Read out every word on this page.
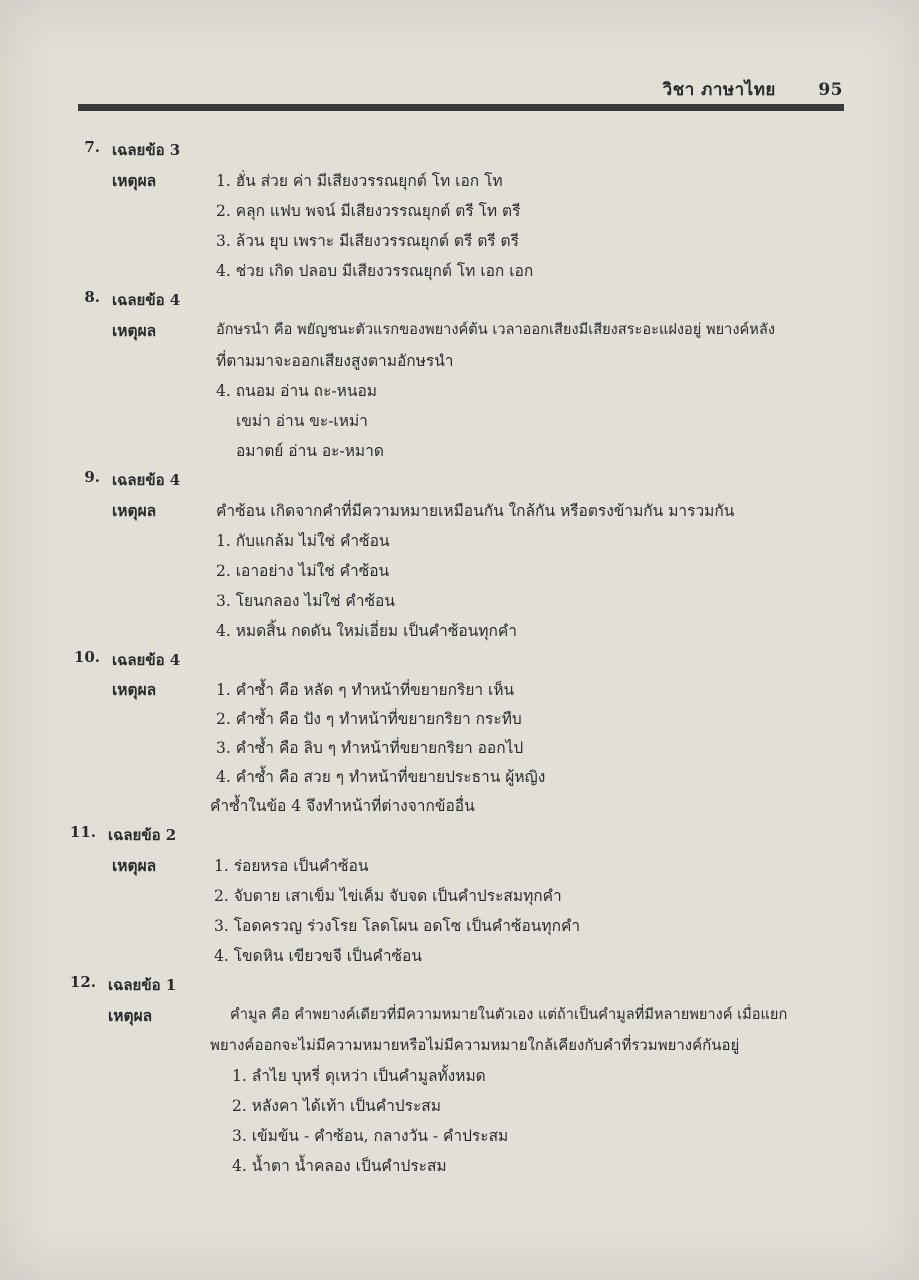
วิชา ภาษาไทย 95
7. เฉลยข้อ 3
เหตุผล	1. ฮั่น ส่วย ค่า มีเสียงวรรณยุกต์ โท เอก โท
2. คลุก แฟบ พจน์ มีเสียงวรรณยุกต์ ตรี โท ตรี
3. ล้วน ยุบ เพราะ มีเสียงวรรณยุกต์ ตรี ตรี ตรี
4. ช่วย เกิด ปลอบ มีเสียงวรรณยุกต์ โท เอก เอก
8. เฉลยข้อ 4
เหตุผล	อักษรนำ คือ พยัญชนะตัวแรกของพยางค์ต้น เวลาออกเสียงมีเสียงสระอะแฝงอยู่ พยางค์หลัง
ที่ตามมาจะออกเสียงสูงตามอักษรนำ
4. ถนอม อ่าน ถะ-หนอม
เขม่า อ่าน ขะ-เหม่า
อมาตย์ อ่าน อะ-หมาด
9. เฉลยข้อ 4
เหตุผล	คำซ้อน เกิดจากคำที่มีความหมายเหมือนกัน ใกล้กัน หรือตรงข้ามกัน มารวมกัน
1. กับแกล้ม ไม่ใช่ คำซ้อน
2. เอาอย่าง ไม่ใช่ คำซ้อน
3. โยนกลอง ไม่ใช่ คำซ้อน
4. หมดสิ้น กดดัน ใหม่เอี่ยม เป็นคำซ้อนทุกคำ
10. เฉลยข้อ 4
เหตุผล	1. คำซ้ำ คือ หลัด ๆ ทำหน้าที่ขยายกริยา เห็น
2. คำซ้ำ คือ ปัง ๆ ทำหน้าที่ขยายกริยา กระทืบ
3. คำซ้ำ คือ ลิบ ๆ ทำหน้าที่ขยายกริยา ออกไป
4. คำซ้ำ คือ สวย ๆ ทำหน้าที่ขยายประธาน ผู้หญิง
คำซ้ำในข้อ 4 จึงทำหน้าที่ต่างจากข้ออื่น
11. เฉลยข้อ 2
เหตุผล	1. ร่อยหรอ เป็นคำซ้อน
2. จับตาย เสาเข็ม ไข่เค็ม จับจด เป็นคำประสมทุกคำ
3. โอดครวญ ร่วงโรย โลดโผน อดโซ เป็นคำซ้อนทุกคำ
4. โขดหิน เขียวขจี เป็นคำซ้อน
12. เฉลยข้อ 1
เหตุผล	คำมูล คือ คำพยางค์เดียวที่มีความหมายในตัวเอง แต่ถ้าเป็นคำมูลที่มีหลายพยางค์ เมื่อแยก
พยางค์ออกจะไม่มีความหมายหรือไม่มีความหมายใกล้เคียงกับคำที่รวมพยางค์กันอยู่
1. ลำไย บุหรี่ ดุเหว่า เป็นคำมูลทั้งหมด
2. หลังคา ได้เท้า เป็นคำประสม
3. เข้มข้น - คำซ้อน, กลางวัน - คำประสม
4. น้ำตา น้ำคลอง เป็นคำประสม
